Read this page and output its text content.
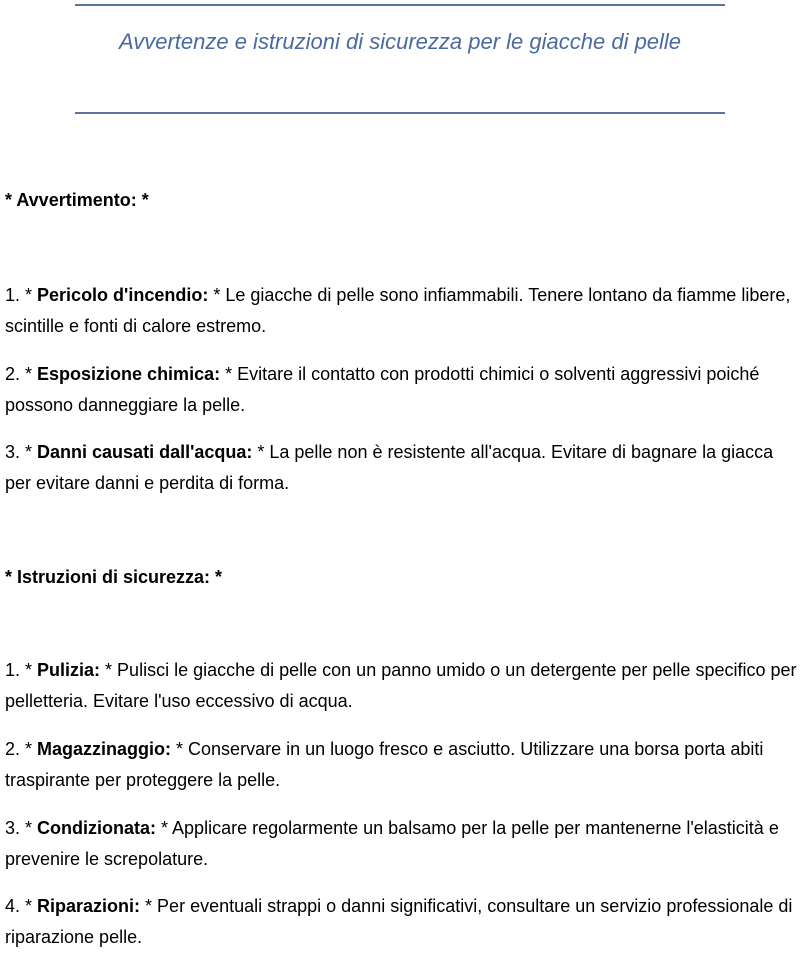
Avvertenze e istruzioni di sicurezza per le giacche di pelle
* Avvertimento: *
1. * Pericolo d'incendio: * Le giacche di pelle sono infiammabili. Tenere lontano da fiamme libere, scintille e fonti di calore estremo.
2. * Esposizione chimica: * Evitare il contatto con prodotti chimici o solventi aggressivi poiché possono danneggiare la pelle.
3. * Danni causati dall'acqua: * La pelle non è resistente all'acqua. Evitare di bagnare la giacca per evitare danni e perdita di forma.
* Istruzioni di sicurezza: *
1. * Pulizia: * Pulisci le giacche di pelle con un panno umido o un detergente per pelle specifico per pelletteria. Evitare l'uso eccessivo di acqua.
2. * Magazzinaggio: * Conservare in un luogo fresco e asciutto. Utilizzare una borsa porta abiti traspirante per proteggere la pelle.
3. * Condizionata: * Applicare regolarmente un balsamo per la pelle per mantenerne l'elasticità e prevenire le screpolature.
4. * Riparazioni: * Per eventuali strappi o danni significativi, consultare un servizio professionale di riparazione pelle.
